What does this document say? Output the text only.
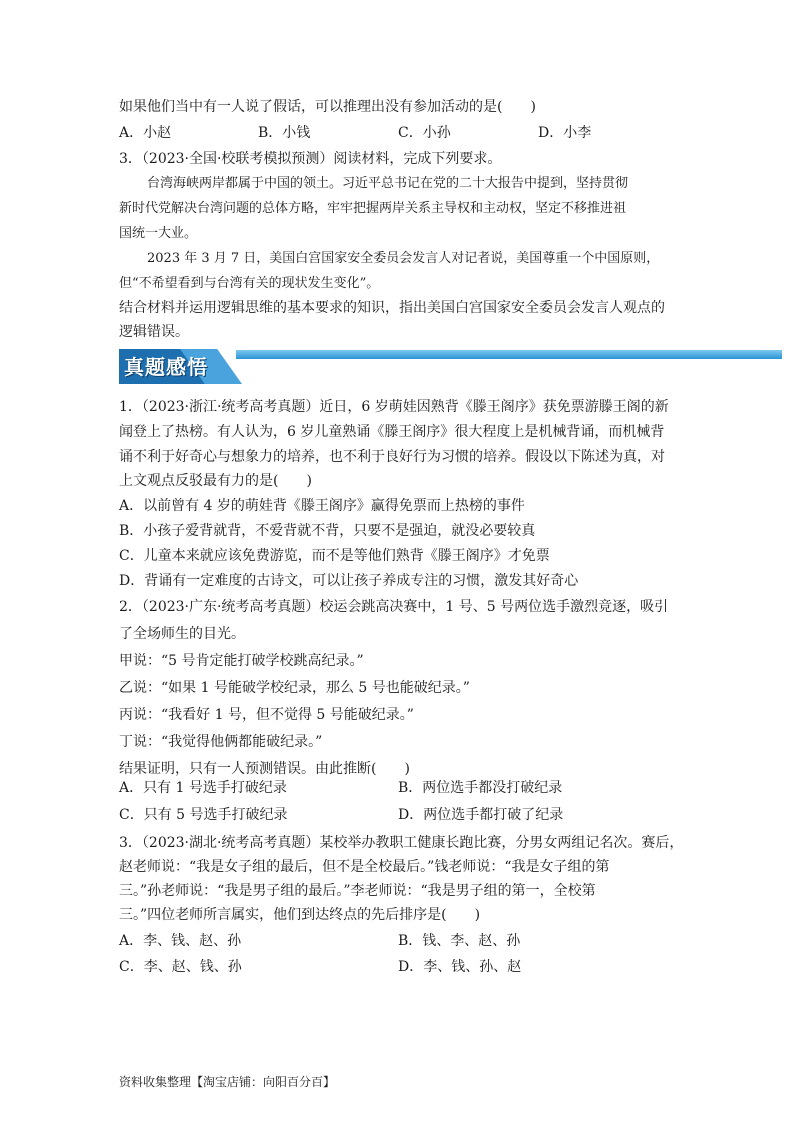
如果他们当中有一人说了假话，可以推理出没有参加活动的是(　　)
A．小赵	B．小钱	C．小孙	D．小李
3．（2023·全国·校联考模拟预测）阅读材料，完成下列要求。
台湾海峡两岸都属于中国的领土。习近平总书记在党的二十大报告中提到，坚持贯彻
新时代党解决台湾问题的总体方略，牢牢把握两岸关系主导权和主动权，坚定不移推进祖
国统一大业。
2023 年 3 月 7 日，美国白宫国家安全委员会发言人对记者说，美国尊重一个中国原则，
但“不希望看到与台湾有关的现状发生变化”。
结合材料并运用逻辑思维的基本要求的知识，指出美国白宫国家安全委员会发言人观点的
逻辑错误。
真题感悟
1．（2023·浙江·统考高考真题）近日，6 岁萌娃因熟背《滕王阁序》获免票游滕王阁的新
闻登上了热榜。有人认为，6 岁儿童熟诵《滕王阁序》很大程度上是机械背诵，而机械背
诵不利于好奇心与想象力的培养，也不利于良好行为习惯的培养。假设以下陈述为真，对
上文观点反驳最有力的是(　　)
A．以前曾有 4 岁的萌娃背《滕王阁序》赢得免票而上热榜的事件
B．小孩子爱背就背，不爱背就不背，只要不是强迫，就没必要较真
C．儿童本来就应该免费游览，而不是等他们熟背《滕王阁序》才免票
D．背诵有一定难度的古诗文，可以让孩子养成专注的习惯，激发其好奇心
2．（2023·广东·统考高考真题）校运会跳高决赛中，1 号、5 号两位选手激烈竞逐，吸引
了全场师生的目光。
甲说：“5 号肯定能打破学校跳高纪录。”
乙说：“如果 1 号能破学校纪录，那么 5 号也能破纪录。”
丙说：“我看好 1 号，但不觉得 5 号能破纪录。”
丁说：“我觉得他俩都能破纪录。”
结果证明，只有一人预测错误。由此推断(　　)
A．只有 1 号选手打破纪录	B．两位选手都没打破纪录
C．只有 5 号选手打破纪录	D．两位选手都打破了纪录
3．（2023·湖北·统考高考真题）某校举办教职工健康长跑比赛，分男女两组记名次。赛后，
赵老师说：“我是女子组的最后，但不是全校最后。”钱老师说：“我是女子组的第
三。”孙老师说：“我是男子组的最后。”李老师说：“我是男子组的第一，全校第
三。”四位老师所言属实，他们到达终点的先后排序是(　　)
A．李、钱、赵、孙	B．钱、李、赵、孙
C．李、赵、钱、孙	D．李、钱、孙、赵
资料收集整理【淘宝店铺：向阳百分百】
